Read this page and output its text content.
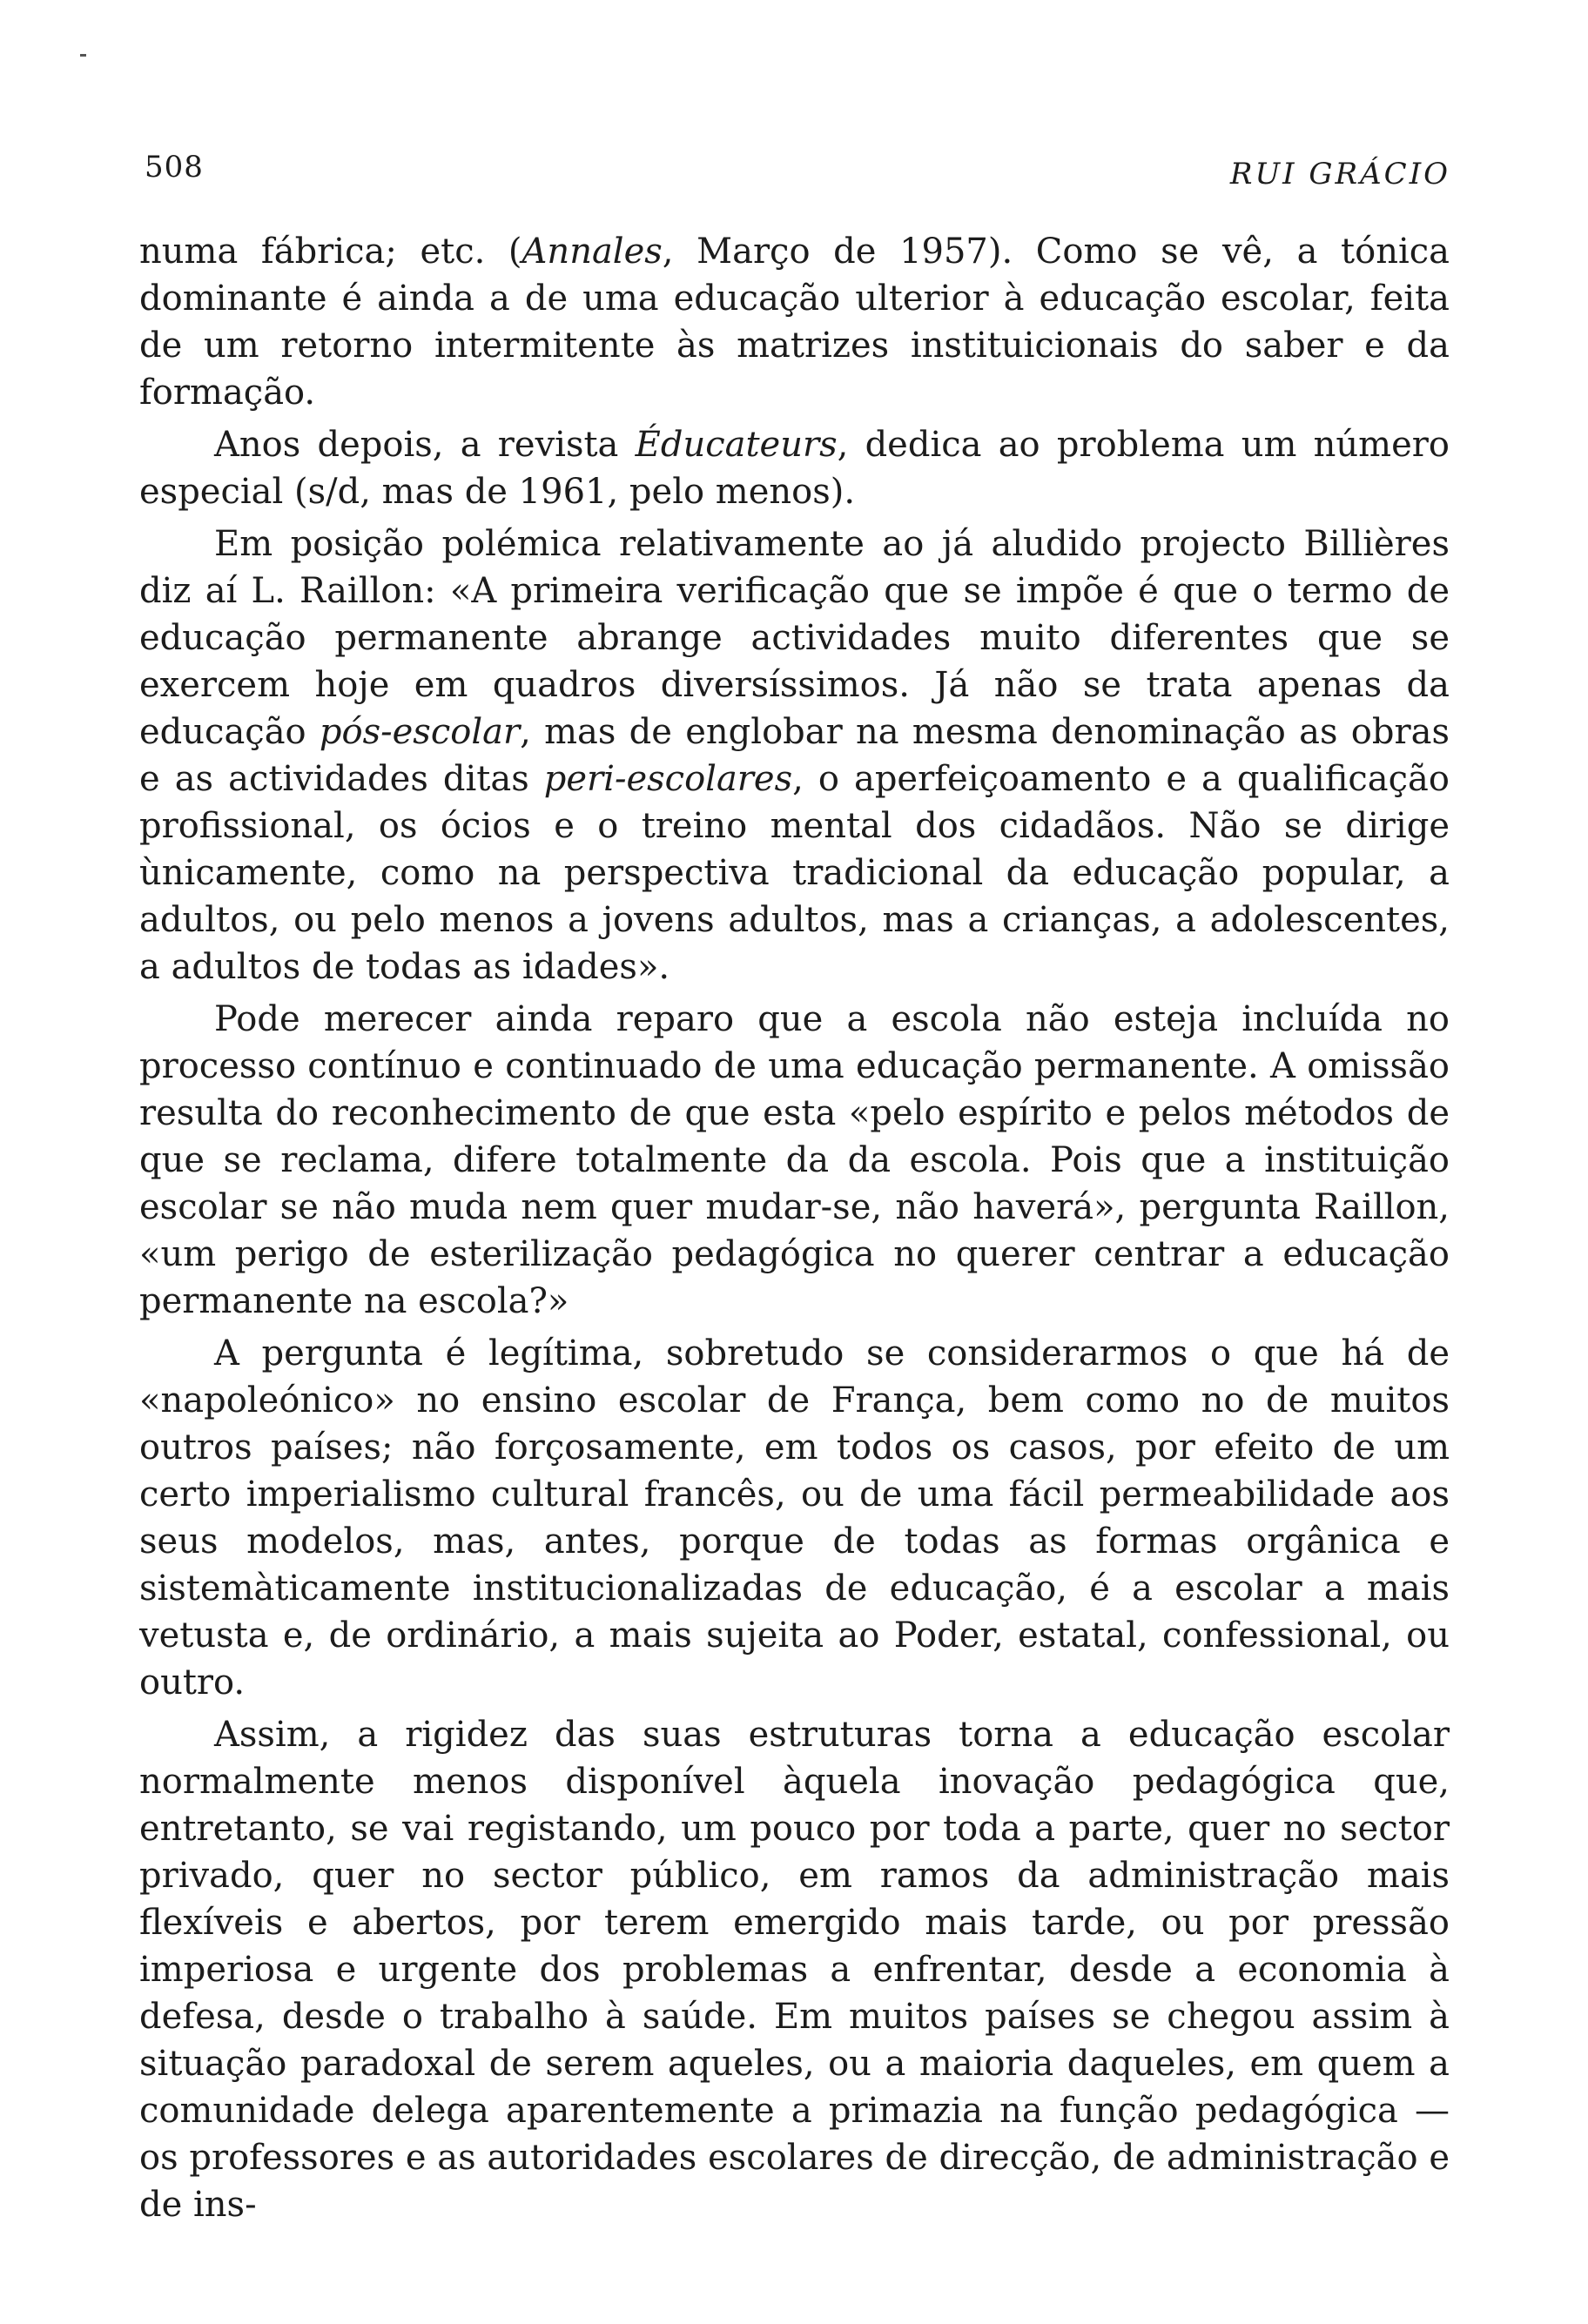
508	RUI GRÁCIO

numa fábrica; etc. (Annales, Março de 1957). Como se vê, a tónica dominante é ainda a de uma educação ulterior à educação escolar, feita de um retorno intermitente às matrizes instituicionais do saber e da formação.

Anos depois, a revista Éducateurs, dedica ao problema um número especial (s/d, mas de 1961, pelo menos).

Em posição polémica relativamente ao já aludido projecto Billières diz aí L. Raillon: «A primeira verificação que se impõe é que o termo de educação permanente abrange actividades muito diferentes que se exercem hoje em quadros diversíssimos. Já não se trata apenas da educação pós-escolar, mas de englobar na mesma denominação as obras e as actividades ditas peri-escolares, o aperfeiçoamento e a qualificação profissional, os ócios e o treino mental dos cidadãos. Não se dirige ùnicamente, como na perspectiva tradicional da educação popular, a adultos, ou pelo menos a jovens adultos, mas a crianças, a adolescentes, a adultos de todas as idades».

Pode merecer ainda reparo que a escola não esteja incluída no processo contínuo e continuado de uma educação permanente. A omissão resulta do reconhecimento de que esta «pelo espírito e pelos métodos de que se reclama, difere totalmente da da escola. Pois que a instituição escolar se não muda nem quer mudar-se, não haverá», pergunta Raillon, «um perigo de esterilização pedagógica no querer centrar a educação permanente na escola?»

A pergunta é legítima, sobretudo se considerarmos o que há de «napoleónico» no ensino escolar de França, bem como no de muitos outros países; não forçosamente, em todos os casos, por efeito de um certo imperialismo cultural francês, ou de uma fácil permeabilidade aos seus modelos, mas, antes, porque de todas as formas orgânica e sistemàticamente institucionalizadas de educação, é a escolar a mais vetusta e, de ordinário, a mais sujeita ao Poder, estatal, confessional, ou outro.

Assim, a rigidez das suas estruturas torna a educação escolar normalmente menos disponível àquela inovação pedagógica que, entretanto, se vai registando, um pouco por toda a parte, quer no sector privado, quer no sector público, em ramos da administração mais flexíveis e abertos, por terem emergido mais tarde, ou por pressão imperiosa e urgente dos problemas a enfrentar, desde a economia à defesa, desde o trabalho à saúde. Em muitos países se chegou assim à situação paradoxal de serem aqueles, ou a maioria daqueles, em quem a comunidade delega aparentemente a primazia na função pedagógica — os professores e as autoridades escolares de direcção, de administração e de ins-
